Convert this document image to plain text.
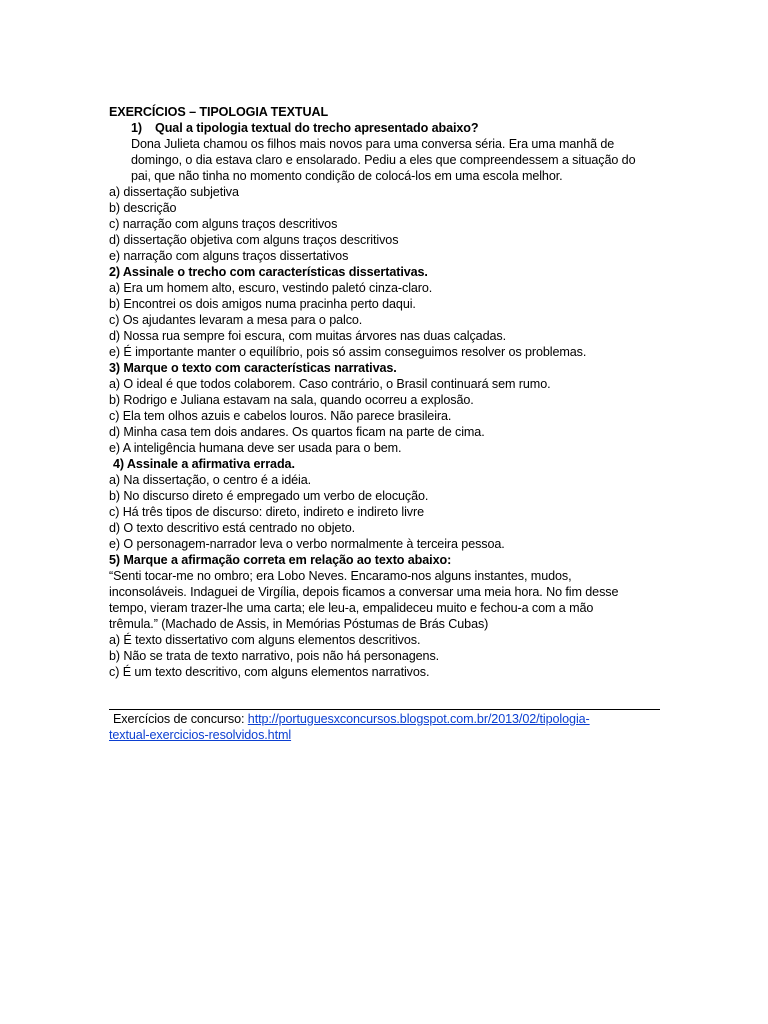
EXERCÍCIOS – TIPOLOGIA TEXTUAL
1) Qual a tipologia textual do trecho apresentado abaixo?
Dona Julieta chamou os filhos mais novos para uma conversa séria. Era uma manhã de
domingo, o dia estava claro e ensolarado. Pediu a eles que compreendessem a situação do
pai, que não tinha no momento condição de colocá-los em uma escola melhor.
a) dissertação subjetiva
b) descrição
c) narração com alguns traços descritivos
d) dissertação objetiva com alguns traços descritivos
e) narração com alguns traços dissertativos
2) Assinale o trecho com características dissertativas.
a) Era um homem alto, escuro, vestindo paletó cinza-claro.
b) Encontrei os dois amigos numa pracinha perto daqui.
c) Os ajudantes levaram a mesa para o palco.
d) Nossa rua sempre foi escura, com muitas árvores nas duas calçadas.
e) É importante manter o equilíbrio, pois só assim conseguimos resolver os problemas.
3) Marque o texto com características narrativas.
a) O ideal é que todos colaborem. Caso contrário, o Brasil continuará sem rumo.
b) Rodrigo e Juliana estavam na sala, quando ocorreu a explosão.
c) Ela tem olhos azuis e cabelos louros. Não parece brasileira.
d) Minha casa tem dois andares. Os quartos ficam na parte de cima.
e) A inteligência humana deve ser usada para o bem.
4) Assinale a afirmativa errada.
a) Na dissertação, o centro é a idéia.
b) No discurso direto é empregado um verbo de elocução.
c) Há três tipos de discurso: direto, indireto e indireto livre
d) O texto descritivo está centrado no objeto.
e) O personagem-narrador leva o verbo normalmente à terceira pessoa.
5) Marque a afirmação correta em relação ao texto abaixo:
“Senti tocar-me no ombro; era Lobo Neves. Encaramo-nos alguns instantes, mudos,
inconsoláveis. Indaguei de Virgília, depois ficamos a conversar uma meia hora. No fim desse
tempo, vieram trazer-lhe uma carta; ele leu-a, empalideceu muito e fechou-a com a mão
trêmula.” (Machado de Assis, in Memórias Póstumas de Brás Cubas)
a) É texto dissertativo com alguns elementos descritivos.
b) Não se trata de texto narrativo, pois não há personagens.
c) É um texto descritivo, com alguns elementos narrativos.
Exercícios de concurso: http://portuguesxconcursos.blogspot.com.br/2013/02/tipologia-
textual-exercicios-resolvidos.html
